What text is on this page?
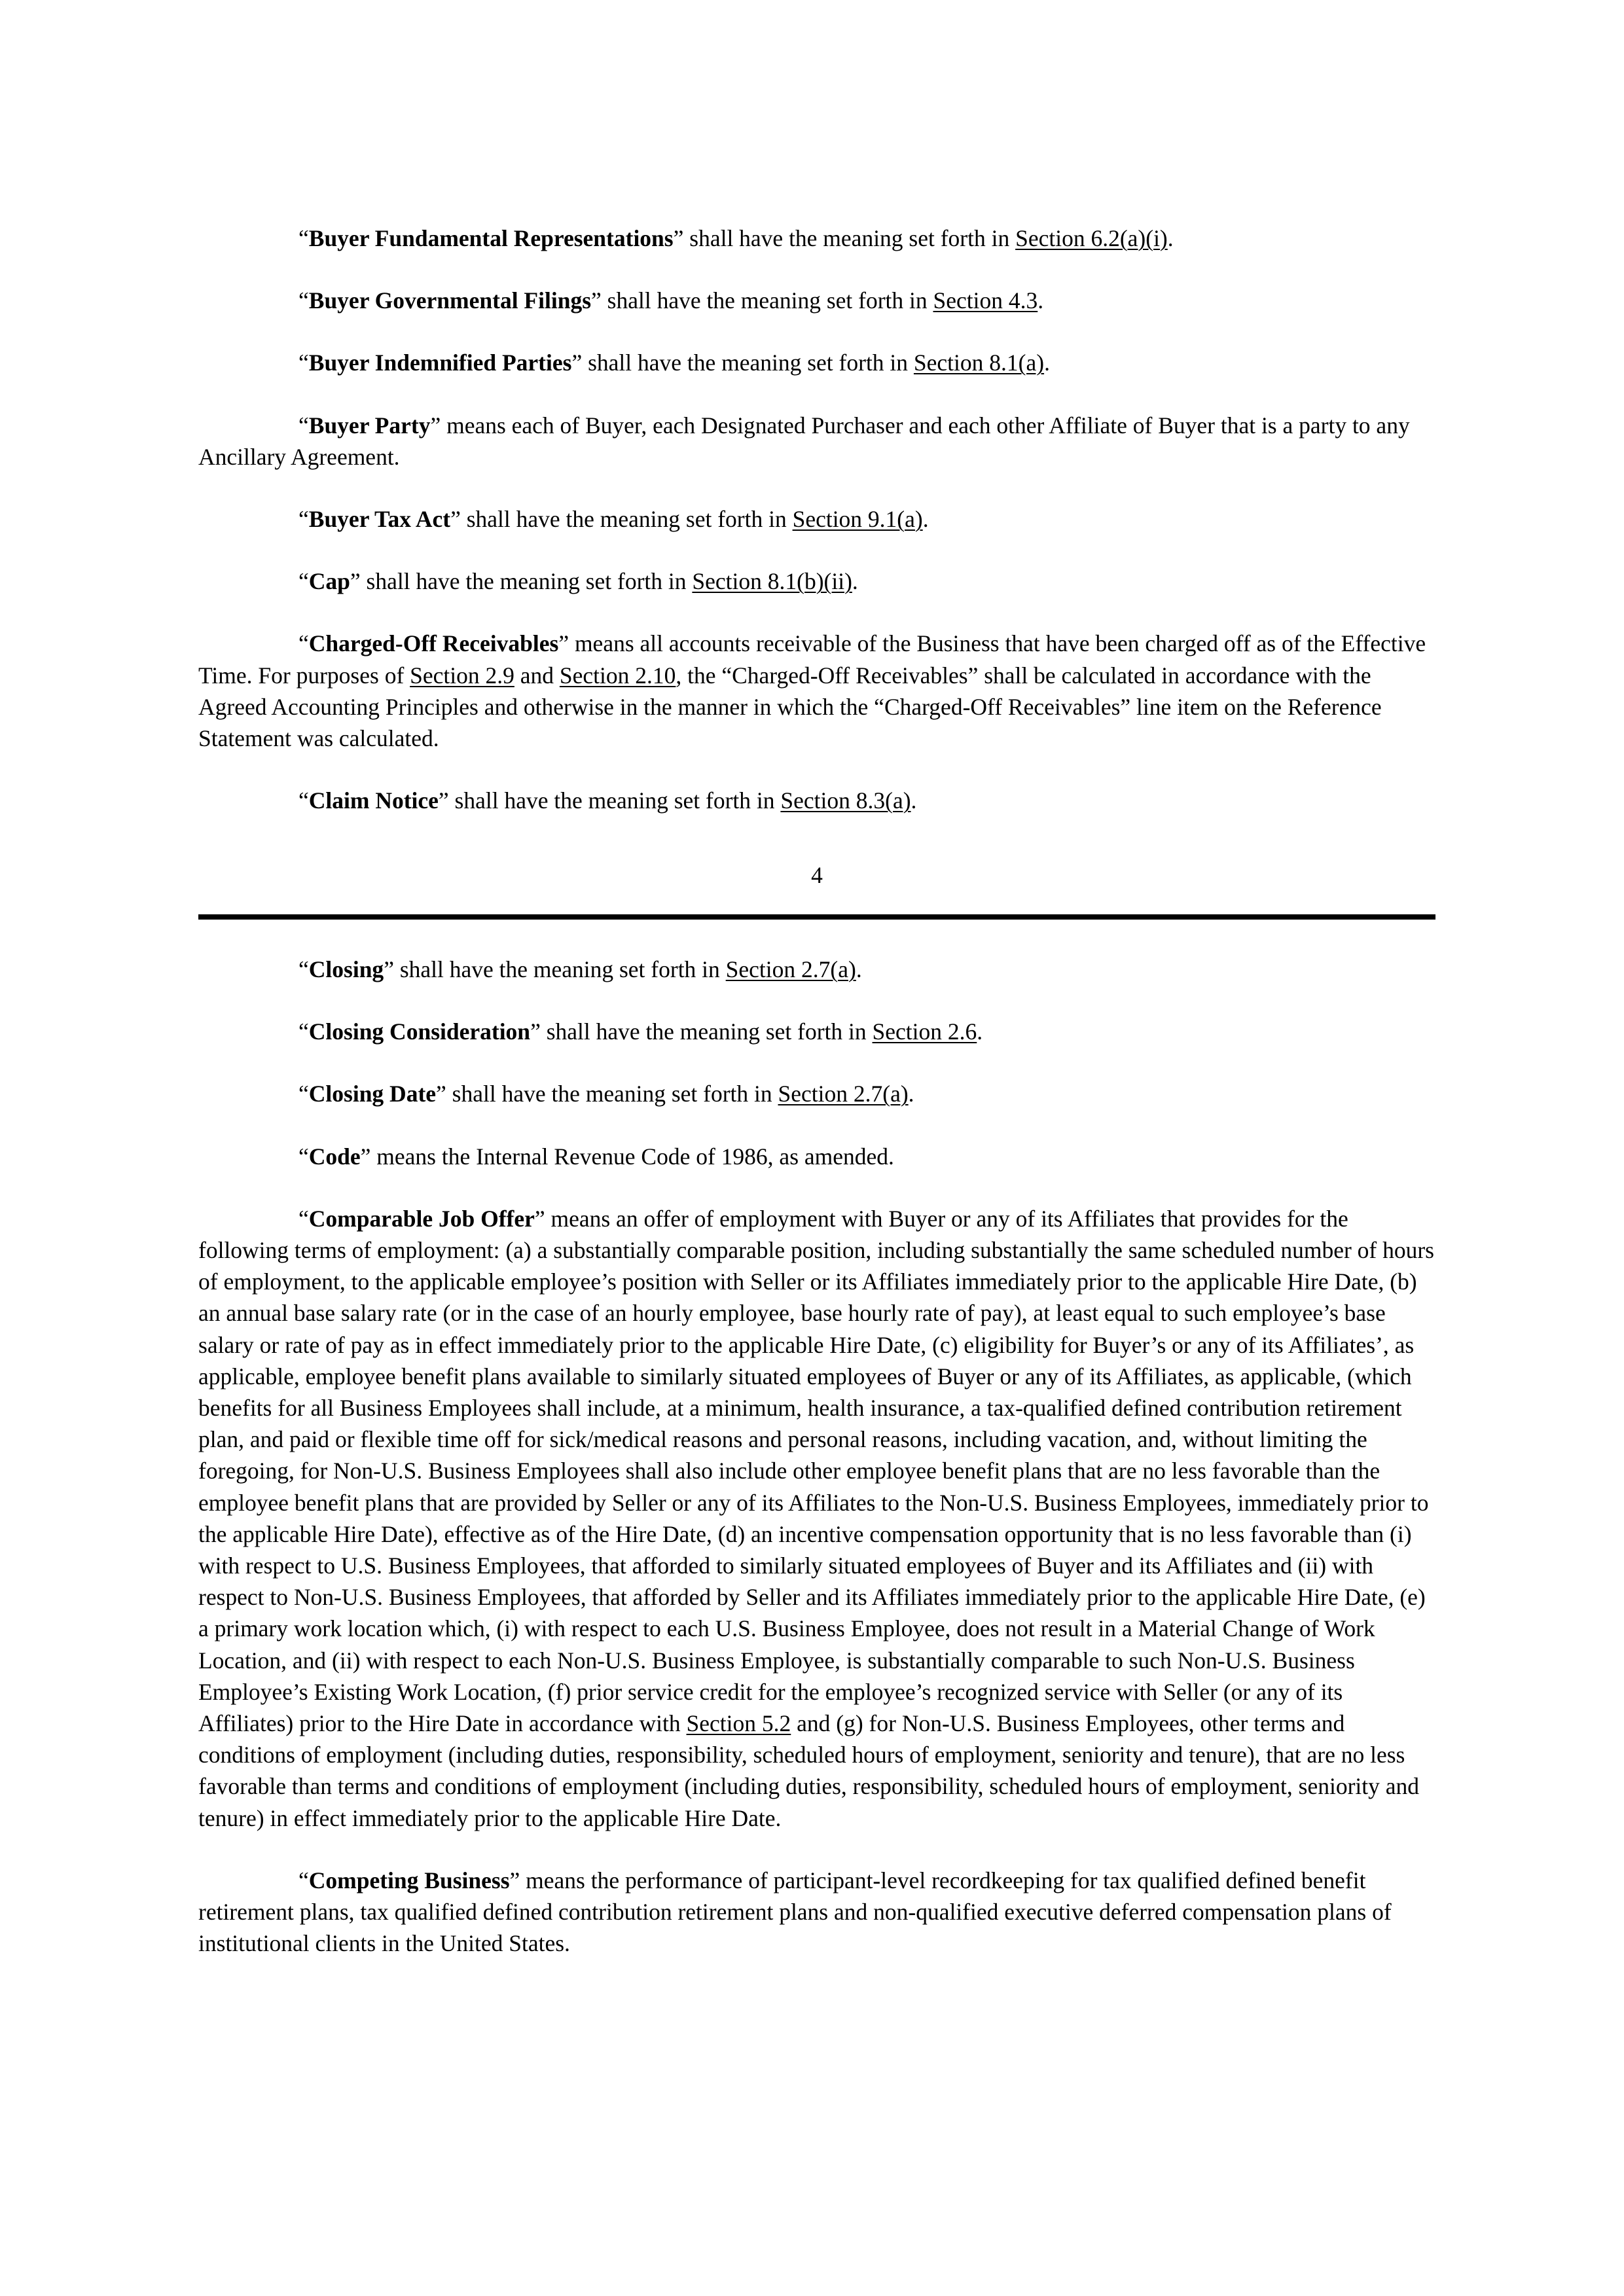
“Buyer Fundamental Representations” shall have the meaning set forth in Section 6.2(a)(i).

“Buyer Governmental Filings” shall have the meaning set forth in Section 4.3.

“Buyer Indemnified Parties” shall have the meaning set forth in Section 8.1(a).

“Buyer Party” means each of Buyer, each Designated Purchaser and each other Affiliate of Buyer that is a party to any Ancillary Agreement.

“Buyer Tax Act” shall have the meaning set forth in Section 9.1(a).

“Cap” shall have the meaning set forth in Section 8.1(b)(ii).

“Charged-Off Receivables” means all accounts receivable of the Business that have been charged off as of the Effective Time. For purposes of Section 2.9 and Section 2.10, the “Charged-Off Receivables” shall be calculated in accordance with the Agreed Accounting Principles and otherwise in the manner in which the “Charged-Off Receivables” line item on the Reference Statement was calculated.

“Claim Notice” shall have the meaning set forth in Section 8.3(a).

4

“Closing” shall have the meaning set forth in Section 2.7(a).

“Closing Consideration” shall have the meaning set forth in Section 2.6.

“Closing Date” shall have the meaning set forth in Section 2.7(a).

“Code” means the Internal Revenue Code of 1986, as amended.

“Comparable Job Offer” means an offer of employment with Buyer or any of its Affiliates that provides for the following terms of employment: (a) a substantially comparable position, including substantially the same scheduled number of hours of employment, to the applicable employee’s position with Seller or its Affiliates immediately prior to the applicable Hire Date, (b) an annual base salary rate (or in the case of an hourly employee, base hourly rate of pay), at least equal to such employee’s base salary or rate of pay as in effect immediately prior to the applicable Hire Date, (c) eligibility for Buyer’s or any of its Affiliates’, as applicable, employee benefit plans available to similarly situated employees of Buyer or any of its Affiliates, as applicable, (which benefits for all Business Employees shall include, at a minimum, health insurance, a tax-qualified defined contribution retirement plan, and paid or flexible time off for sick/medical reasons and personal reasons, including vacation, and, without limiting the foregoing, for Non-U.S. Business Employees shall also include other employee benefit plans that are no less favorable than the employee benefit plans that are provided by Seller or any of its Affiliates to the Non-U.S. Business Employees, immediately prior to the applicable Hire Date), effective as of the Hire Date, (d) an incentive compensation opportunity that is no less favorable than (i) with respect to U.S. Business Employees, that afforded to similarly situated employees of Buyer and its Affiliates and (ii) with respect to Non-U.S. Business Employees, that afforded by Seller and its Affiliates immediately prior to the applicable Hire Date, (e) a primary work location which, (i) with respect to each U.S. Business Employee, does not result in a Material Change of Work Location, and (ii) with respect to each Non-U.S. Business Employee, is substantially comparable to such Non-U.S. Business Employee’s Existing Work Location, (f) prior service credit for the employee’s recognized service with Seller (or any of its Affiliates) prior to the Hire Date in accordance with Section 5.2 and (g) for Non-U.S. Business Employees, other terms and conditions of employment (including duties, responsibility, scheduled hours of employment, seniority and tenure), that are no less favorable than terms and conditions of employment (including duties, responsibility, scheduled hours of employment, seniority and tenure) in effect immediately prior to the applicable Hire Date.

“Competing Business” means the performance of participant-level recordkeeping for tax qualified defined benefit retirement plans, tax qualified defined contribution retirement plans and non-qualified executive deferred compensation plans of institutional clients in the United States.
